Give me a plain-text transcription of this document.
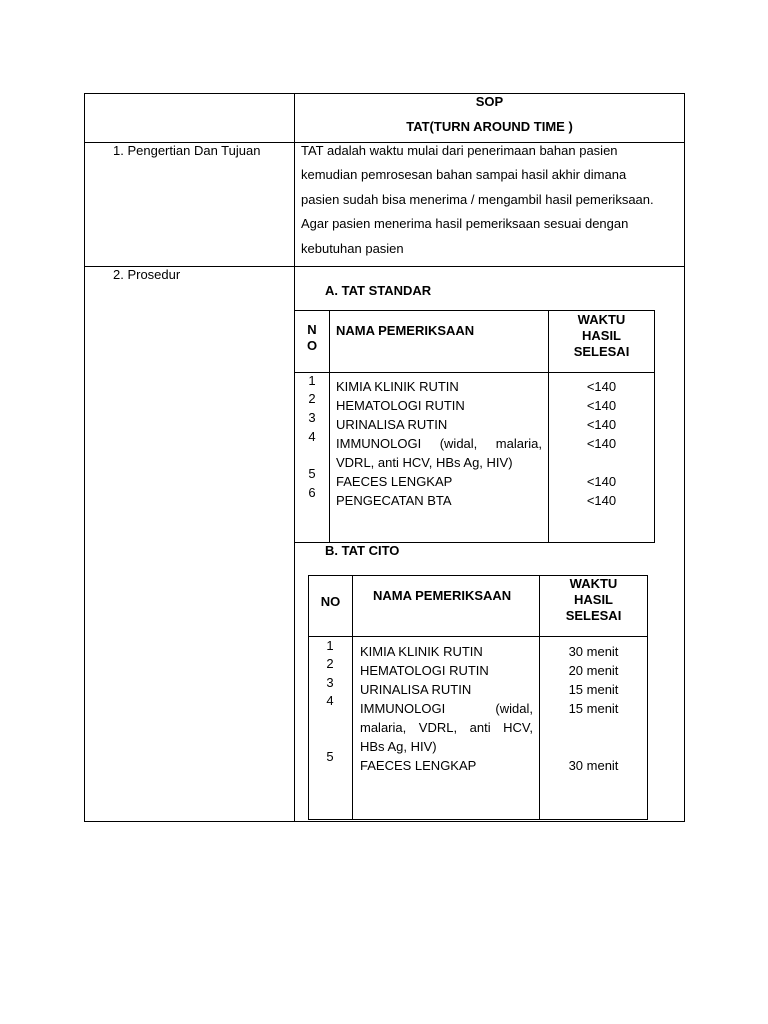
SOP
TAT(TURN AROUND TIME )
1. Pengertian Dan Tujuan	TAT adalah waktu mulai dari penerimaan bahan pasien
kemudian pemrosesan bahan sampai hasil akhir dimana
pasien sudah bisa menerima / mengambil hasil pemeriksaan.
Agar pasien menerima hasil pemeriksaan sesuai dengan
kebutuhan pasien
2. Prosedur
A. TAT STANDAR
N
O
NAMA PEMERIKSAAN
WAKTU
HASIL
SELESAI
1
2
3
4
5
6
KIMIA KLINIK RUTIN
HEMATOLOGI RUTIN
URINALISA RUTIN
IMMUNOLOGI (widal, malaria,
VDRL, anti HCV, HBs Ag, HIV)
FAECES LENGKAP
PENGECATAN BTA
<140
<140
<140
<140
<140
<140
B. TAT CITO
NO	NAMA PEMERIKSAAN
WAKTU
HASIL
SELESAI
1
2
3
4
5
KIMIA KLINIK RUTIN
HEMATOLOGI RUTIN
URINALISA RUTIN
IMMUNOLOGI (widal,
malaria, VDRL, anti HCV,
HBs Ag, HIV)
FAECES LENGKAP
30 menit
20 menit
15 menit
15 menit
30 menit
